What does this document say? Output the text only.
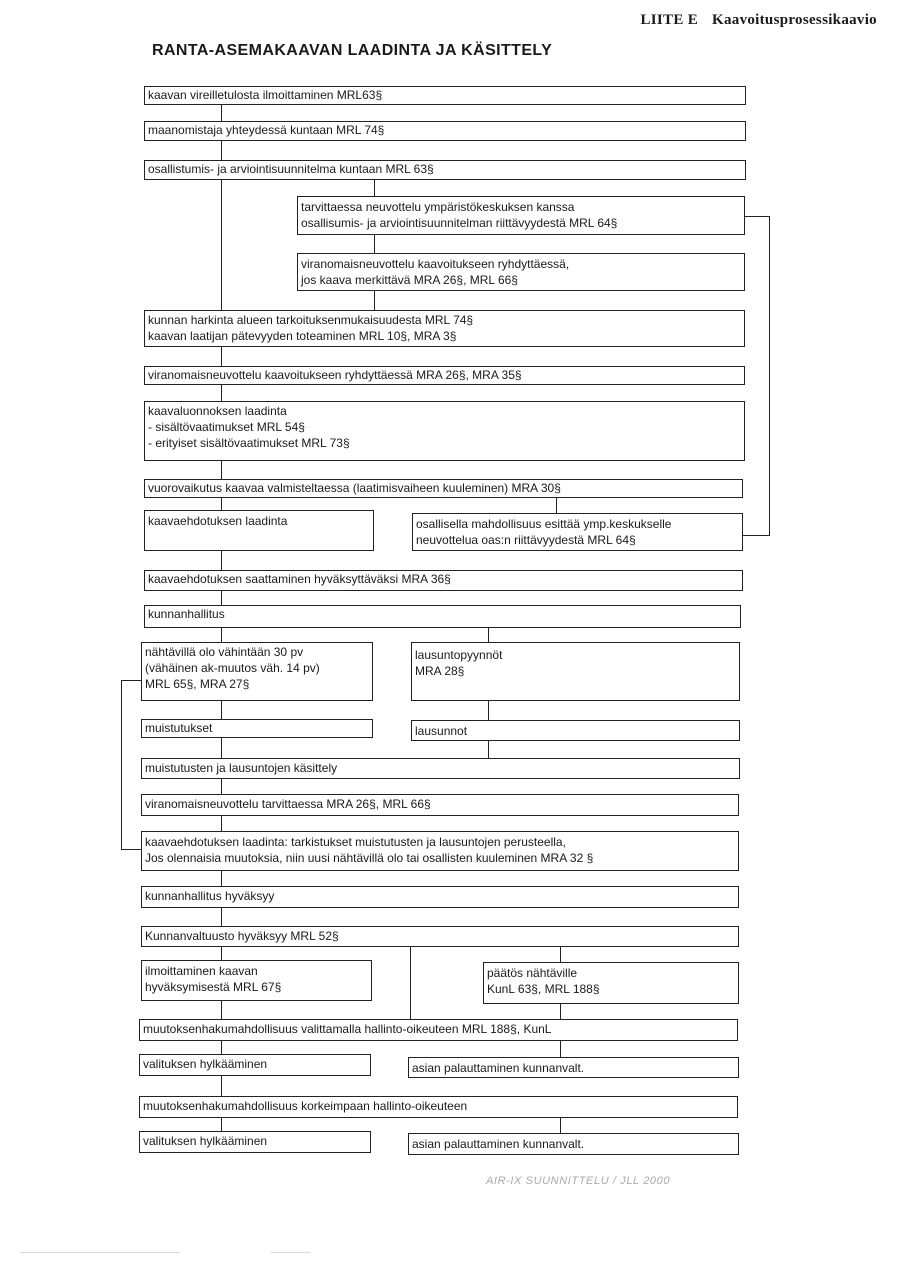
LIITE E Kaavoitusprosessikaavio
RANTA-ASEMAKAAVAN LAADINTA JA KÄSITTELY
kaavan vireilletulosta ilmoittaminen MRL63§
maanomistaja yhteydessä kuntaan MRL 74§
osallistumis- ja arviointisuunnitelma kuntaan MRL 63§
tarvittaessa neuvottelu ympäristökeskuksen kanssa
osallisumis- ja arviointisuunnitelman riittävyydestä MRL 64§
viranomaisneuvottelu kaavoitukseen ryhdyttäessä,
jos kaava merkittävä MRA 26§, MRL 66§
kunnan harkinta alueen tarkoituksenmukaisuudesta MRL 74§
kaavan laatijan pätevyyden toteaminen MRL 10§, MRA 3§
viranomaisneuvottelu kaavoitukseen ryhdyttäessä MRA 26§, MRA 35§
kaavaluonnoksen laadinta
- sisältövaatimukset MRL 54§
- erityiset sisältövaatimukset MRL 73§
vuorovaikutus kaavaa valmisteltaessa (laatimisvaiheen kuuleminen) MRA 30§
kaavaehdotuksen laadinta	osallisella mahdollisuus esittää ymp.keskukselle
neuvottelua oas:n riittävyydestä MRL 64§
kaavaehdotuksen saattaminen hyväksyttäväksi MRA 36§
kunnanhallitus
nähtävillä olo vähintään 30 pv
(vähäinen ak-muutos väh. 14 pv)
MRL 65§, MRA 27§
lausuntopyynnöt
MRA 28§
muistutukset	lausunnot
muistutusten ja lausuntojen käsittely
viranomaisneuvottelu tarvittaessa MRA 26§, MRL 66§
kaavaehdotuksen laadinta: tarkistukset muistutusten ja lausuntojen perusteella,
Jos olennaisia muutoksia, niin uusi nähtävillä olo tai osallisten kuuleminen MRA 32 §
kunnanhallitus hyväksyy
Kunnanvaltuusto hyväksyy MRL 52§
ilmoittaminen kaavan
hyväksymisestä MRL 67§
päätös nähtäville
KunL 63§, MRL 188§
muutoksenhakumahdollisuus valittamalla hallinto-oikeuteen MRL 188§, KunL
valituksen hylkääminen	asian palauttaminen kunnanvalt.
muutoksenhakumahdollisuus korkeimpaan hallinto-oikeuteen
valituksen hylkääminen	asian palauttaminen kunnanvalt.
AIR-IX SUUNNITTELU / JLL 2000
